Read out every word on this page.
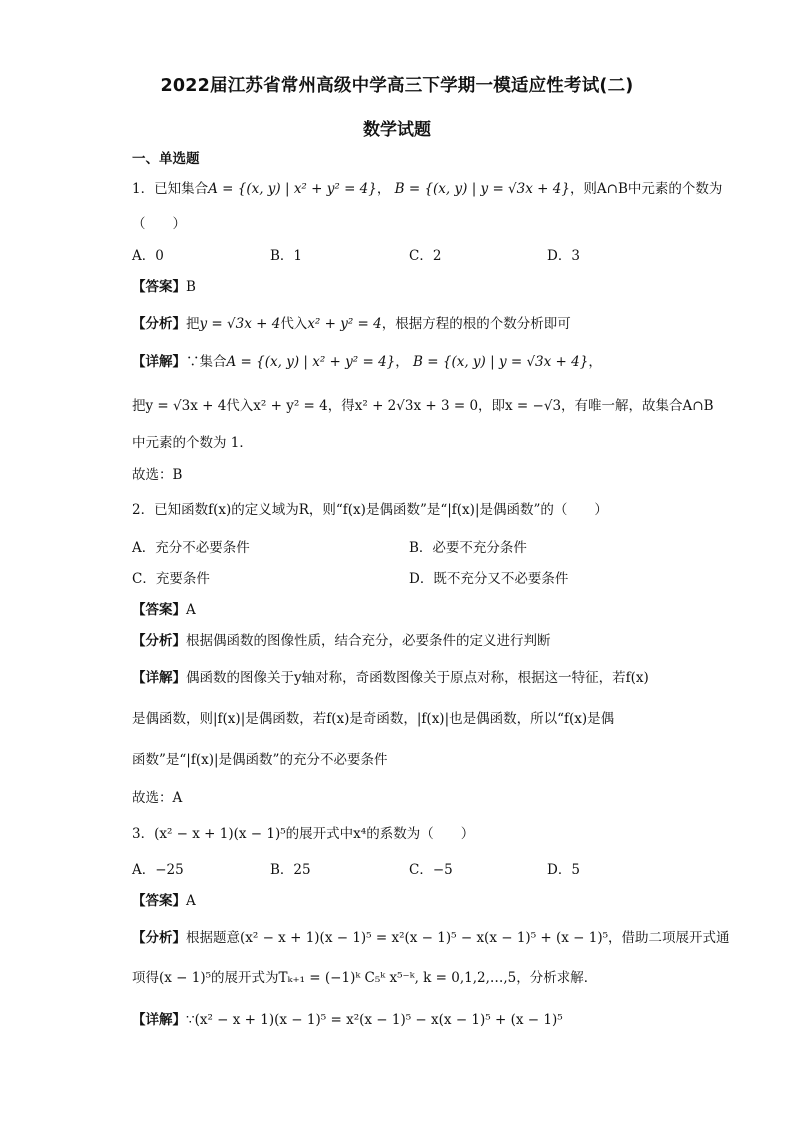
2022届江苏省常州高级中学高三下学期一模适应性考试(二)
数学试题
一、单选题
1．已知集合A = {(x, y) | x² + y² = 4}， B = {(x, y) | y = √3x + 4}，则A∩B中元素的个数为
（　　）
A．0	B．1	C．2	D．3
【答案】B
【分析】把y = √3x + 4代入x² + y² = 4，根据方程的根的个数分析即可
【详解】∵集合A = {(x, y) | x² + y² = 4}， B = {(x, y) | y = √3x + 4}，
把y = √3x + 4代入x² + y² = 4，得x² + 2√3x + 3 = 0，即x = −√3，有唯一解，故集合A∩B
中元素的个数为 1．
故选：B
2．已知函数f(x)的定义域为R，则“f(x)是偶函数”是“|f(x)|是偶函数”的（　　）
A．充分不必要条件	B．必要不充分条件
C．充要条件	D．既不充分又不必要条件
【答案】A
【分析】根据偶函数的图像性质，结合充分，必要条件的定义进行判断
【详解】偶函数的图像关于y轴对称，奇函数图像关于原点对称，根据这一特征，若f(x)
是偶函数，则|f(x)|是偶函数，若f(x)是奇函数，|f(x)|也是偶函数，所以“f(x)是偶
函数”是“|f(x)|是偶函数”的充分不必要条件
故选：A
3．(x² − x + 1)(x − 1)⁵的展开式中x⁴的系数为（　　）
A．−25	B．25	C．−5	D．5
【答案】A
【分析】根据题意(x² − x + 1)(x − 1)⁵ = x²(x − 1)⁵ − x(x − 1)⁵ + (x − 1)⁵，借助二项展开式通
项得(x − 1)⁵的展开式为Tₖ₊₁ = (−1)ᵏ C₅ᵏ x⁵⁻ᵏ, k = 0,1,2,…,5，分析求解．
【详解】∵(x² − x + 1)(x − 1)⁵ = x²(x − 1)⁵ − x(x − 1)⁵ + (x − 1)⁵
